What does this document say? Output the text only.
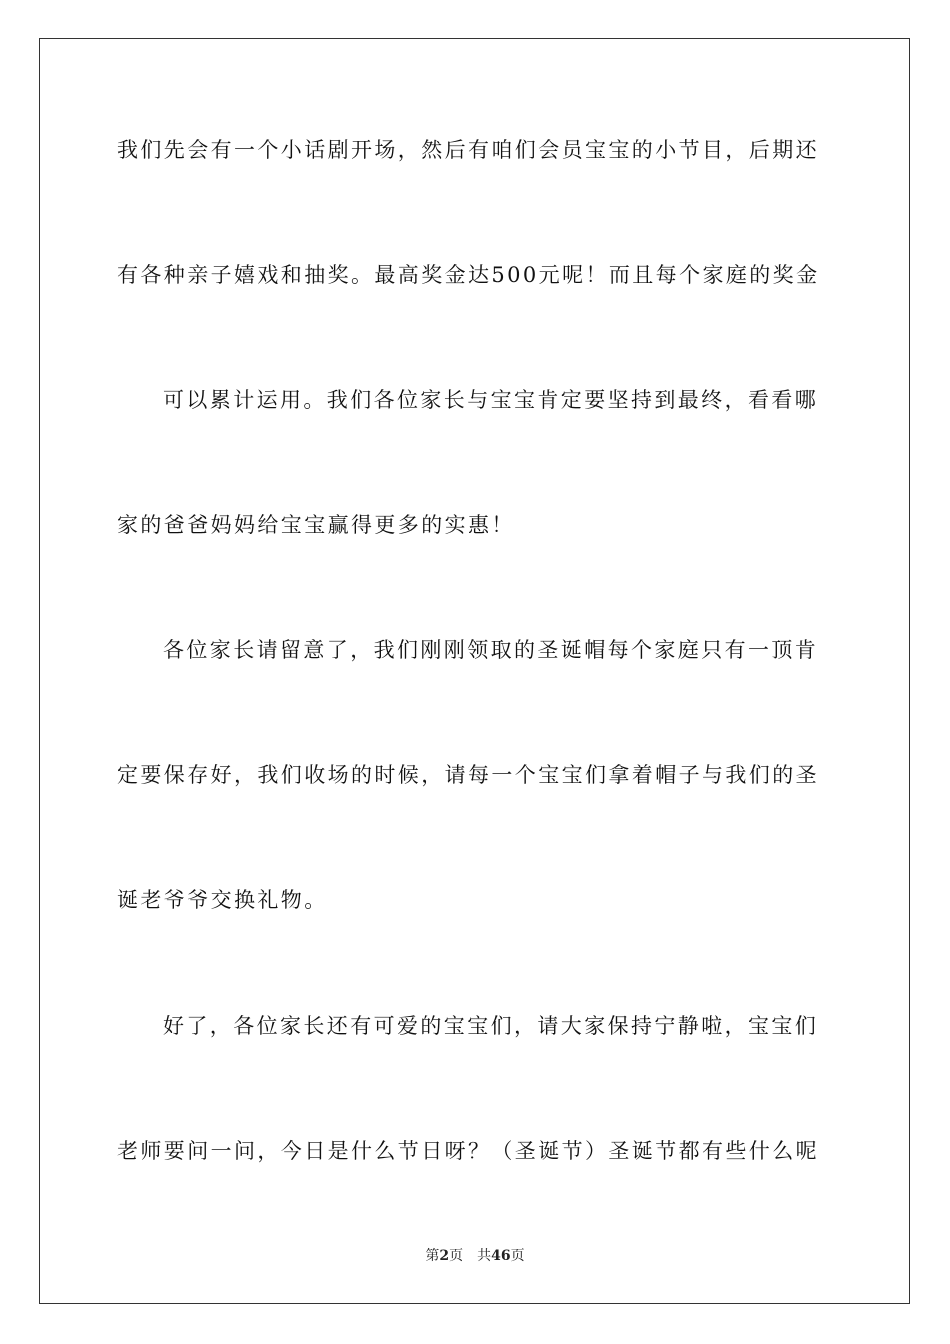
我们先会有一个小话剧开场，然后有咱们会员宝宝的小节目，后期还
有各种亲子嬉戏和抽奖。最高奖金达500元呢！而且每个家庭的奖金
可以累计运用。我们各位家长与宝宝肯定要坚持到最终，看看哪
家的爸爸妈妈给宝宝赢得更多的实惠！
各位家长请留意了，我们刚刚领取的圣诞帽每个家庭只有一顶肯
定要保存好，我们收场的时候，请每一个宝宝们拿着帽子与我们的圣
诞老爷爷交换礼物。
好了，各位家长还有可爱的宝宝们，请大家保持宁静啦，宝宝们
老师要问一问，今日是什么节日呀？（圣诞节）圣诞节都有些什么呢
第2页 共46页
